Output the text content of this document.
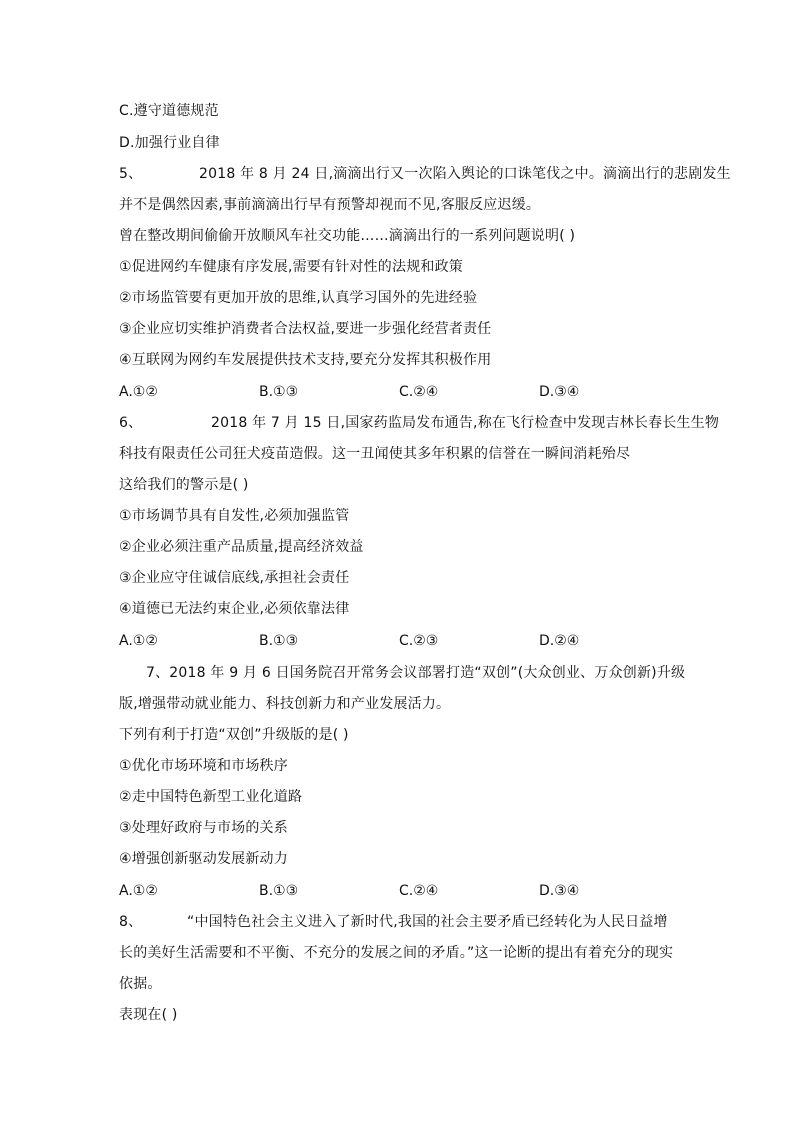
C.遵守道德规范
D.加强行业自律
5、	2018 年 8 月 24 日,滴滴出行又一次陷入舆论的口诛笔伐之中。滴滴出行的悲剧发生
并不是偶然因素,事前滴滴出行早有预警却视而不见,客服反应迟缓。
曾在整改期间偷偷开放顺风车社交功能……滴滴出行的一系列问题说明( )
①促进网约车健康有序发展,需要有针对性的法规和政策
②市场监管要有更加开放的思维,认真学习国外的先进经验
③企业应切实维护消费者合法权益,要进一步强化经营者责任
④互联网为网约车发展提供技术支持,要充分发挥其积极作用
A.①②	B.①③	C.②④	D.③④
6、	2018 年 7 月 15 日,国家药监局发布通告,称在飞行检查中发现吉林长春长生生物
科技有限责任公司狂犬疫苗造假。这一丑闻使其多年积累的信誉在一瞬间消耗殆尽
这给我们的警示是( )
①市场调节具有自发性,必须加强监管
②企业必须注重产品质量,提高经济效益
③企业应守住诚信底线,承担社会责任
④道德已无法约束企业,必须依靠法律
A.①②	B.①③	C.②③	D.②④
7、2018 年 9 月 6 日国务院召开常务会议部署打造“双创”(大众创业、万众创新)升级
版,增强带动就业能力、科技创新力和产业发展活力。
下列有利于打造“双创”升级版的是( )
①优化市场环境和市场秩序
②走中国特色新型工业化道路
③处理好政府与市场的关系
④增强创新驱动发展新动力
A.①②	B.①③	C.②④	D.③④
8、	“中国特色社会主义进入了新时代,我国的社会主要矛盾已经转化为人民日益增
长的美好生活需要和不平衡、不充分的发展之间的矛盾。”这一论断的提出有着充分的现实
依据。
表现在( )
